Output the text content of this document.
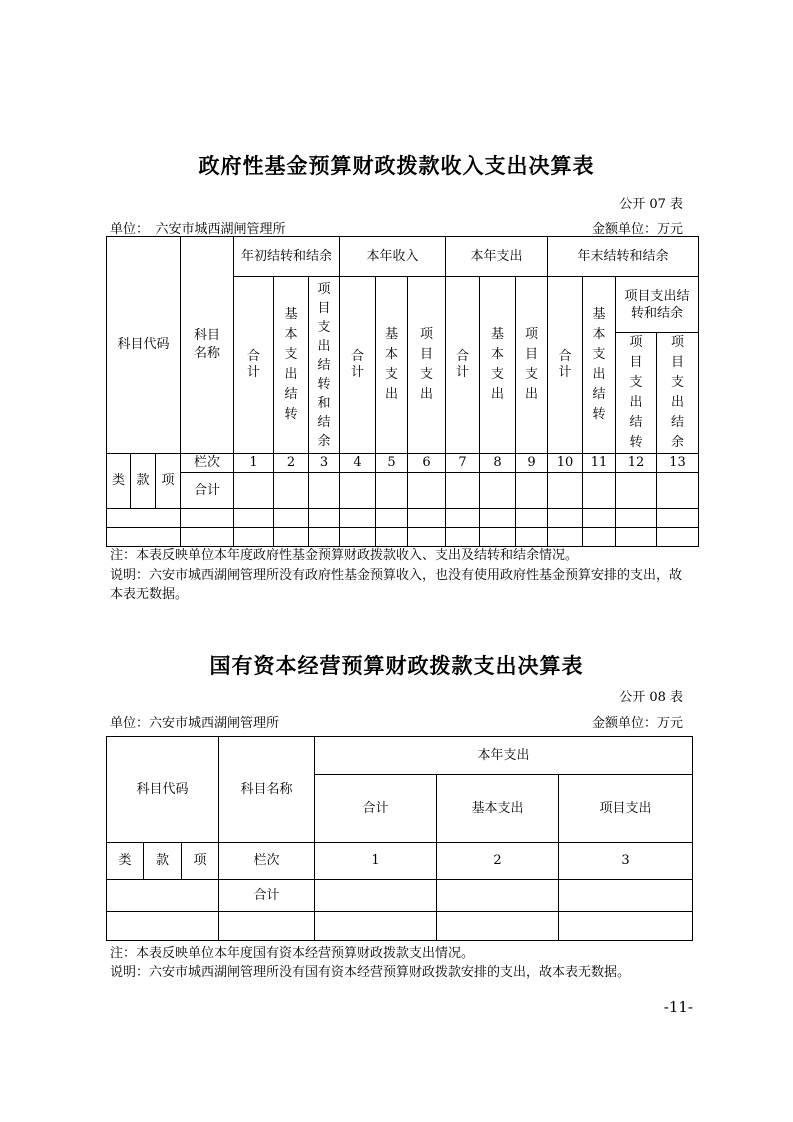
政府性基金预算财政拨款收入支出决算表
公开 07 表
单位：　六安市城西湖闸管理所	金额单位：万元
科目代码			科目名称	年初结转和结余			本年收入			本年支出			年末结转和结余			

				合计	基本支出结转	项目支出结转和结余	合计	基本支出	项目支出	合计	基本支出	项目支出	合计	基本支出结转	项目支出结转和结余	

															项目支出结转	项目支出结余

类	款	项	栏次	1	2	3	4	5	6	7	8	9	10	11	12	13
			合计													

注：本表反映单位本年度政府性基金预算财政拨款收入、支出及结转和结余情况。
说明：六安市城西湖闸管理所没有政府性基金预算收入，也没有使用政府性基金预算安排的支出，故本表无数据。
国有资本经营预算财政拨款支出决算表
公开 08 表
单位：六安市城西湖闸管理所	金额单位：万元
科目代码			科目名称	本年支出		
				合计	基本支出	项目支出
类	款	项	栏次	1	2	3
			合计			

注：本表反映单位本年度国有资本经营预算财政拨款支出情况。
说明：六安市城西湖闸管理所没有国有资本经营预算财政拨款安排的支出，故本表无数据。
-11-
